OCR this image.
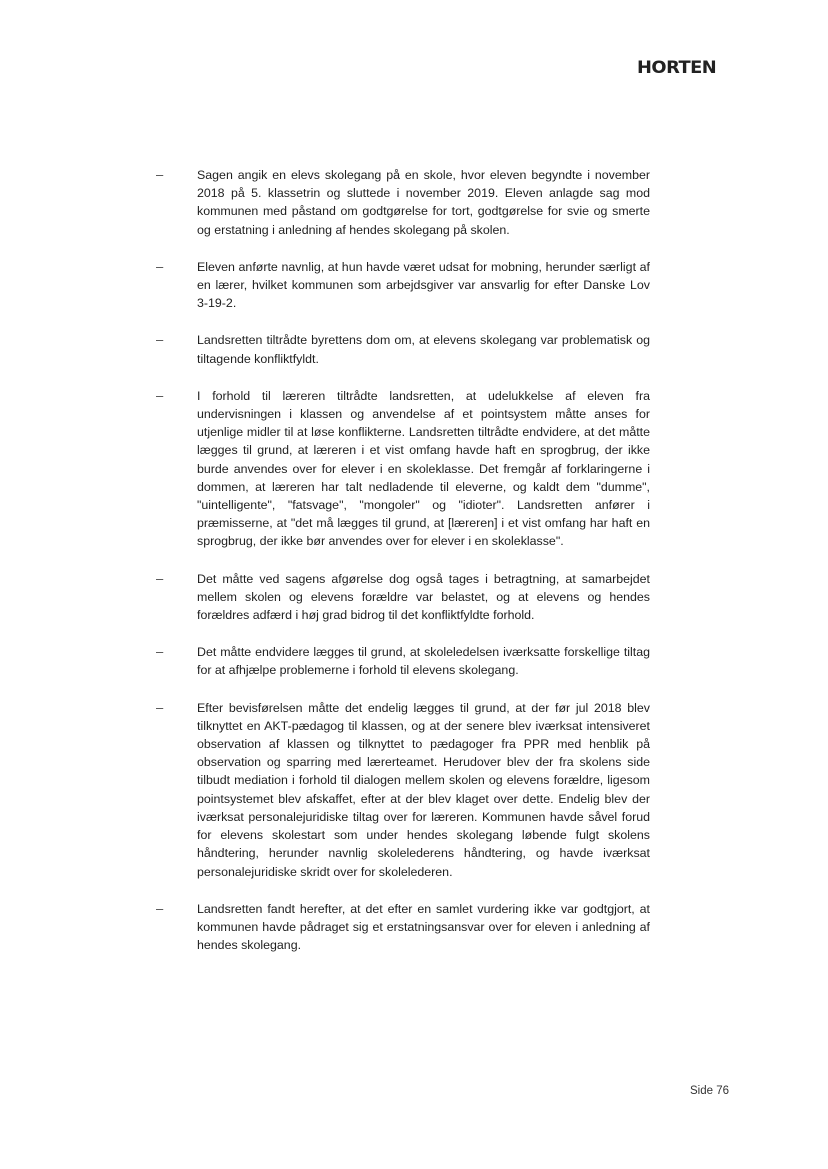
HORTEN
–	Sagen angik en elevs skolegang på en skole, hvor eleven begyndte i november 2018 på 5. klassetrin og sluttede i november 2019. Eleven anlagde sag mod kommunen med påstand om godtgørelse for tort, godtgørelse for svie og smerte og erstatning i anledning af hendes skolegang på skolen.

–	Eleven anførte navnlig, at hun havde været udsat for mobning, herunder særligt af en lærer, hvilket kommunen som arbejdsgiver var ansvarlig for efter Danske Lov 3-19-2.

–	Landsretten tiltrådte byrettens dom om, at elevens skolegang var problematisk og tiltagende konfliktfyldt.

–	I forhold til læreren tiltrådte landsretten, at udelukkelse af eleven fra undervisningen i klassen og anvendelse af et pointsystem måtte anses for utjenlige midler til at løse konflikterne. Landsretten tiltrådte endvidere, at det måtte lægges til grund, at læreren i et vist omfang havde haft en sprogbrug, der ikke burde anvendes over for elever i en skoleklasse. Det fremgår af forklaringerne i dommen, at læreren har talt nedladende til eleverne, og kaldt dem "dumme", "uintelligente", "fatsvage", "mongoler" og "idioter". Landsretten anfører i præmisserne, at "det må lægges til grund, at [læreren] i et vist omfang har haft en sprogbrug, der ikke bør anvendes over for elever i en skoleklasse".

–	Det måtte ved sagens afgørelse dog også tages i betragtning, at samarbejdet mellem skolen og elevens forældre var belastet, og at elevens og hendes forældres adfærd i høj grad bidrog til det konfliktfyldte forhold.

–	Det måtte endvidere lægges til grund, at skoleledelsen iværksatte forskellige tiltag for at afhjælpe problemerne i forhold til elevens skolegang.

–	Efter bevisførelsen måtte det endelig lægges til grund, at der før jul 2018 blev tilknyttet en AKT-pædagog til klassen, og at der senere blev iværksat intensiveret observation af klassen og tilknyttet to pædagoger fra PPR med henblik på observation og sparring med lærerteamet. Herudover blev der fra skolens side tilbudt mediation i forhold til dialogen mellem skolen og elevens forældre, ligesom pointsystemet blev afskaffet, efter at der blev klaget over dette. Endelig blev der iværksat personalejuridiske tiltag over for læreren. Kommunen havde såvel forud for elevens skolestart som under hendes skolegang løbende fulgt skolens håndtering, herunder navnlig skolelederens håndtering, og havde iværksat personalejuridiske skridt over for skolelederen.

–	Landsretten fandt herefter, at det efter en samlet vurdering ikke var godtgjort, at kommunen havde pådraget sig et erstatningsansvar over for eleven i anledning af hendes skolegang.

Side 76
